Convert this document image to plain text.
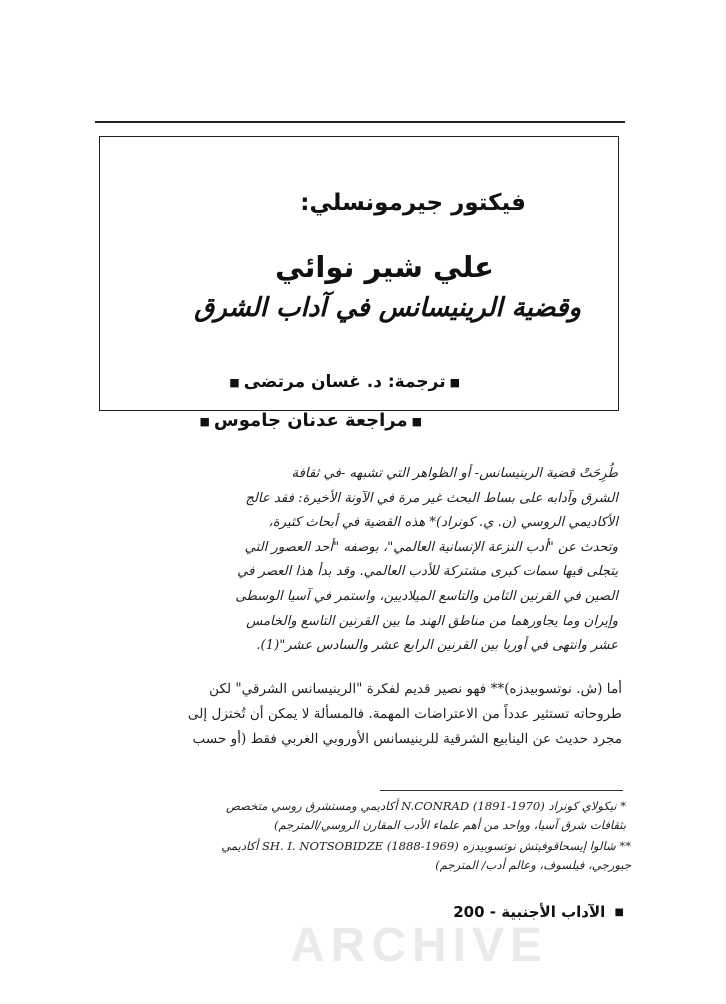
فيكتور جيرمونسلي:
علي شير نوائي
وقضية الرينيسانس في آداب الشرق
■ترجمة: د. غسان مرتضى■
■مراجعة عدنان جاموس■
طُرِحَتْ قضية الرينيسانس- أو الظواهر التي تشبهه -في ثقافة
الشرق وآدابه على بساط البحث غير مرة في الآونة الأخيرة: فقد عالج
الأكاديمي الروسي (ن. ي. كونراد)* هذه القضية في أبحاث كثيرة،
وتحدث عن "أدب النزعة الإنسانية العالمي"، بوصفه "أحد العصور التي
يتجلى فيها سمات كبرى مشتركة للأدب العالمي. وقد بدأ هذا العصر في
الصين في القرنين الثامن والتاسع الميلاديين، واستمر في آسيا الوسطى
وإيران وما يجاورهما من مناطق الهند ما بين القرنين التاسع والخامس
عشر وانتهى في أوربا بين القرنين الرابع عشر والسادس عشر"(1).
أما (ش. نوتسوبيدزه)** فهو نصير قديم لفكرة "الرينيسانس الشرقي" لكن
طروحاته تستثير عدداً من الاعتراضات المهمة. فالمسألة لا يمكن أن تُختزل إلى
مجرد حديث عن الينابيع الشرقية للرينيسانس الأوروبي الغربي فقط (أو حسب
* نيكولاي كونراد N.CONRAD (1891-1970) أكاديمي ومستشرق روسي متخصص
بثقافات شرق آسيا، وواحد من أهم علماء الأدب المقارن الروسي/المترجم)
** شالوا إيسحاقوفيتش نوتسوبيدزه SH. I. NOTSOBIDZE (1888-1969) أكاديمي
جيورجي، فيلسوف، وعالم أدب/ المترجم)
■ الآداب الأجنبية - 200
ARCHIVE
